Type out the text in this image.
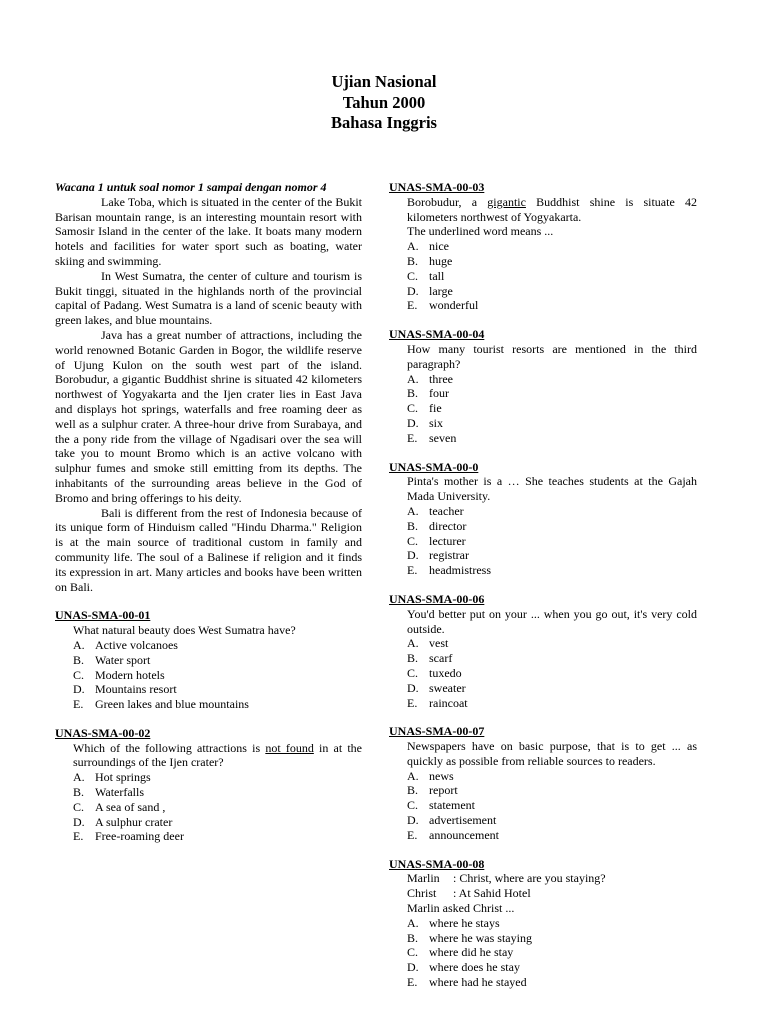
Ujian Nasional
Tahun 2000
Bahasa Inggris
Wacana 1 untuk soal nomor 1 sampai dengan nomor 4

Lake Toba, which is situated in the center of the Bukit Barisan mountain range, is an interesting mountain resort with Samosir Island in the center of the lake. It boats many modern hotels and facilities for water sport such as boating, water skiing and swimming.

In West Sumatra, the center of culture and tourism is Bukit tinggi, situated in the highlands north of the provincial capital of Padang. West Sumatra is a land of scenic beauty with green lakes, and blue mountains.

Java has a great number of attractions, including the world renowned Botanic Garden in Bogor, the wildlife reserve of Ujung Kulon on the south west part of the island. Borobudur, a gigantic Buddhist shrine is situated 42 kilometers northwest of Yogyakarta and the Ijen crater lies in East Java and displays hot springs, waterfalls and free roaming deer as well as a sulphur crater. A three-hour drive from Surabaya, and the a pony ride from the village of Ngadisari over the sea will take you to mount Bromo which is an active volcano with sulphur fumes and smoke still emitting from its depths. The inhabitants of the surrounding areas believe in the God of Bromo and bring offerings to his deity.

Bali is different from the rest of Indonesia because of its unique form of Hinduism called "Hindu Dharma." Religion is at the main source of traditional custom in family and community life. The soul of a Balinese if religion and it finds its expression in art. Many articles and books have been written on Bali.

UNAS-SMA-00-01
What natural beauty does West Sumatra have?
A. Active volcanoes
B. Water sport
C. Modern hotels
D. Mountains resort
E. Green lakes and blue mountains
UNAS-SMA-00-02
Which of the following attractions is not found in at the surroundings of the Ijen crater?
A. Hot springs
B. Waterfalls
C. A sea of sand ,
D. A sulphur crater
E. Free-roaming deer
UNAS-SMA-00-03
Borobudur, a gigantic Buddhist shine is situate 42 kilometers northwest of Yogyakarta.
The underlined word means ...
A. nice
B. huge
C. tall
D. large
E. wonderful
UNAS-SMA-00-04
How many tourist resorts are mentioned in the third paragraph?
A. three
B. four
C. fie
D. six
E. seven
UNAS-SMA-00-0
Pinta's mother is a … She teaches students at the Gajah Mada University.
A. teacher
B. director
C. lecturer
D. registrar
E. headmistress
UNAS-SMA-00-06
You'd better put on your ... when you go out, it's very cold outside.
A. vest
B. scarf
C. tuxedo
D. sweater
E. raincoat
UNAS-SMA-00-07
Newspapers have on basic purpose, that is to get ... as quickly as possible from reliable sources to readers.
A. news
B. report
C. statement
D. advertisement
E. announcement
UNAS-SMA-00-08
Marlin	: Christ, where are you staying?
Christ	: At Sahid Hotel
Marlin asked Christ ...
A. where he stays
B. where he was staying
C. where did he stay
D. where does he stay
E. where had he stayed
